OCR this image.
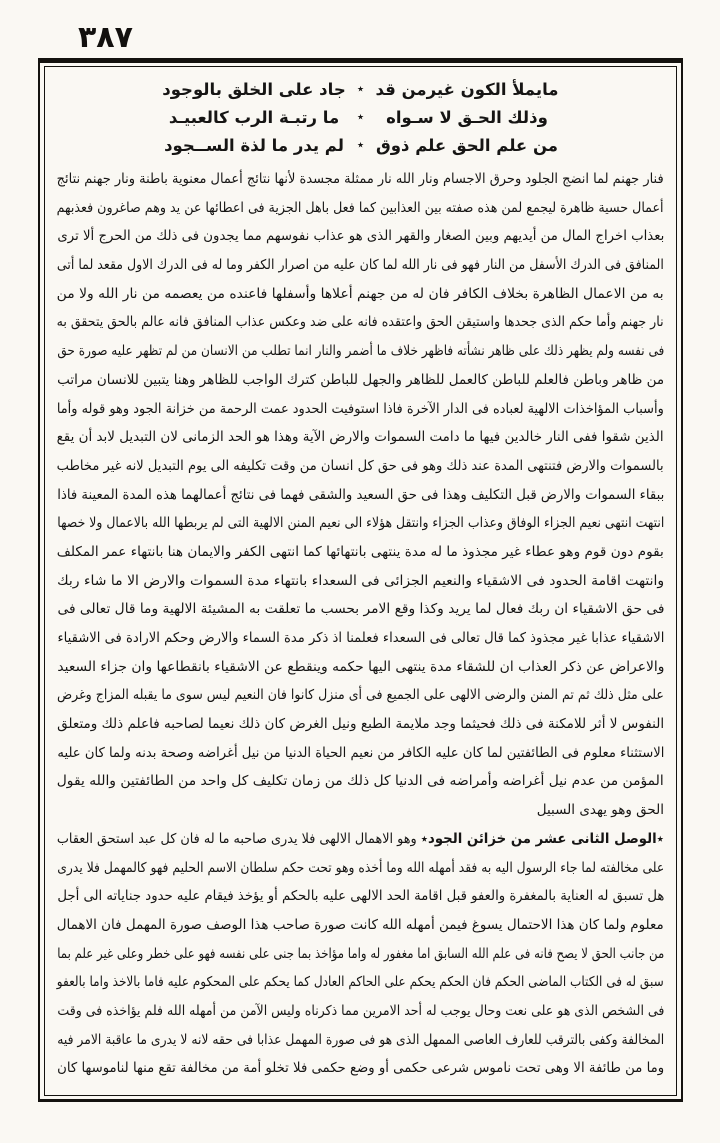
٣٨٧
مايملأ الكون غيرمن قد
٭
جاد على الخلق بالوجود
وذلك الحـق لا سـواه
٭
ما رتبـة الرب كالعبيـد
من علم الحق علم ذوق
٭
لم يدر ما لذة الســجود
فنار جهنم لما انضج الجلود وحرق الاجسام ونار الله نار ممثلة مجسدة لأنها نتائج أعمال معنوية باطنة ونار جهنم نتائج
أعمال حسية ظاهرة ليجمع لمن هذه صفته بين العذابين كما فعل باهل الجزية فى اعطائها عن يد وهم صاغرون فعذبهم
بعذاب اخراج المال من أيديهم وبين الصغار والقهر الذى هو عذاب نفوسهم مما يجدون فى ذلك من الحرج ألا ترى
المنافق فى الدرك الأسفل من النار فهو فى نار الله لما كان عليه من اصرار الكفر وما له فى الدرك الاول مقعد لما أتى
به من الاعمال الظاهرة بخلاف الكافر فان له من جهنم أعلاها وأسفلها فاعنده من يعصمه من نار الله ولا من
نار جهنم وأما حكم الذى جحدها واستيقن الحق واعتقده فانه على ضد وعكس عذاب المنافق فانه عالم بالحق يتحقق به
فى نفسه ولم يظهر ذلك على ظاهر نشأته فاظهر خلاف ما أضمر والنار انما تطلب من الانسان من لم تظهر عليه صورة حق
من ظاهر وباطن فالعلم للباطن كالعمل للظاهر والجهل للباطن كترك الواجب للظاهر وهنا يتبين للانسان مراتب
وأسباب المؤاخذات الالهية لعباده فى الدار الآخرة فاذا استوفيت الحدود عمت الرحمة من خزانة الجود وهو قوله وأما
الذين شقوا ففى النار خالدين فيها ما دامت السموات والارض الآية وهذا هو الحد الزمانى لان التبديل لابد أن يقع
بالسموات والارض فتنتهى المدة عند ذلك وهو فى حق كل انسان من وقت تكليفه الى يوم التبديل لانه غير مخاطب
ببقاء السموات والارض قبل التكليف وهذا فى حق السعيد والشقى فهما فى نتائج أعمالهما هذه المدة المعينة فاذا
انتهت انتهى نعيم الجزاء الوفاق وعذاب الجزاء وانتقل هؤلاء الى نعيم المنن الالهية التى لم يربطها الله بالاعمال ولا خصها
بقوم دون قوم وهو عطاء غير مجذوذ ما له مدة ينتهى بانتهائها كما انتهى الكفر والايمان هنا بانتهاء عمر المكلف
وانتهت اقامة الحدود فى الاشقياء والنعيم الجزائى فى السعداء بانتهاء مدة السموات والارض الا ما شاء ربك
فى حق الاشقياء ان ربك فعال لما يريد وكذا وقع الامر بحسب ما تعلقت به المشيئة الالهية وما قال تعالى فى
الاشقياء عذابا غير مجذوذ كما قال تعالى فى السعداء فعلمنا اذ ذكر مدة السماء والارض وحكم الارادة فى الاشقياء
والاعراض عن ذكر العذاب ان للشقاء مدة ينتهى اليها حكمه وينقطع عن الاشقياء بانقطاعها وان جزاء السعيد
على مثل ذلك ثم تم المنن والرضى الالهى على الجميع فى أى منزل كانوا فان النعيم ليس سوى ما يقبله المزاج وغرض
النفوس لا أثر للامكنة فى ذلك فحيثما وجد ملايمة الطبع ونيل الغرض كان ذلك نعيما لصاحبه فاعلم ذلك ومتعلق
الاستثناء معلوم فى الطائفتين لما كان عليه الكافر من نعيم الحياة الدنيا من نيل أغراضه وصحة بدنه ولما كان عليه
المؤمن من عدم نيل أغراضه وأمراضه فى الدنيا كل ذلك من زمان تكليف كل واحد من الطائفتين والله يقول
الحق وهو يهدى السبيل
٭الوصل الثانى عشر من خزائن الجود٭ وهو الاهمال الالهى فلا يدرى صاحبه ما له فان كل عبد استحق العقاب
على مخالفته لما جاء الرسول اليه به فقد أمهله الله وما أخذه وهو تحت حكم سلطان الاسم الحليم فهو كالمهمل فلا يدرى
هل تسبق له العناية بالمغفرة والعفو قبل اقامة الحد الالهى عليه بالحكم أو يؤخذ فيقام عليه حدود جناياته الى أجل
معلوم ولما كان هذا الاحتمال يسوغ فيمن أمهله الله كانت صورة صاحب هذا الوصف صورة المهمل فان الاهمال
من جانب الحق لا يصح فانه فى علم الله السابق اما مغفور له واما مؤاخذ بما جنى على نفسه فهو على خطر وعلى غير علم بما
سبق له فى الكتاب الماضى الحكم فان الحكم يحكم على الحاكم العادل كما يحكم على المحكوم عليه فاما بالاخذ واما بالعفو
فى الشخص الذى هو على نعت وحال يوجب له أحد الامرين مما ذكرناه وليس الآمن من أمهله الله فلم يؤاخذه فى وقت
المخالفة وكفى بالترقب للعارف العاصى الممهل الذى هو فى صورة المهمل عذابا فى حقه لانه لا يدرى ما عاقبة الامر فيه
وما من طائفة الا وهى تحت ناموس شرعى حكمى أو وضع حكمى فلا تخلو أمة من مخالفة تقع منها لناموسها كان
